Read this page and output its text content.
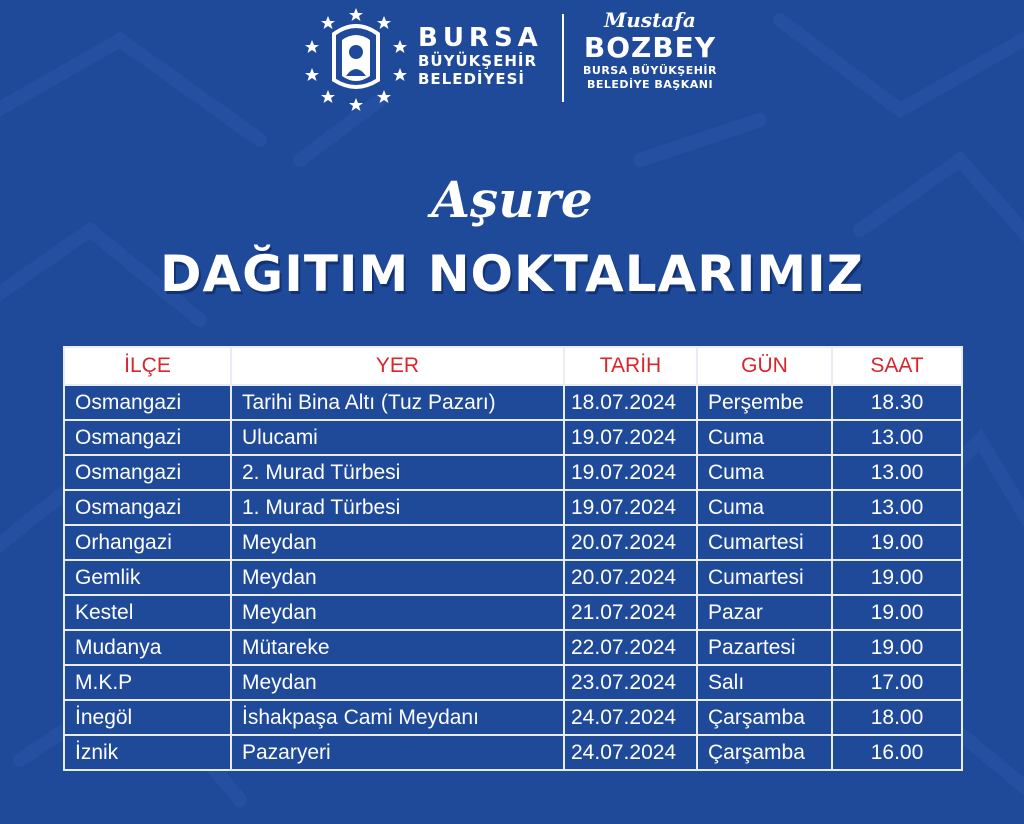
BURSA
BÜYÜKŞEHİR
BELEDİYESİ
Mustafa
BOZBEY
BURSA BÜYÜKŞEHİR
BELEDİYE BAŞKANI
Aşure
DAĞITIM NOKTALARIMIZ
İLÇE	YER	TARİH	GÜN	SAAT
Osmangazi	Tarihi Bina Altı (Tuz Pazarı)	18.07.2024	Perşembe	18.30
Osmangazi	Ulucami	19.07.2024	Cuma	13.00
Osmangazi	2. Murad Türbesi	19.07.2024	Cuma	13.00
Osmangazi	1. Murad Türbesi	19.07.2024	Cuma	13.00
Orhangazi	Meydan	20.07.2024	Cumartesi	19.00
Gemlik	Meydan	20.07.2024	Cumartesi	19.00
Kestel	Meydan	21.07.2024	Pazar	19.00
Mudanya	Mütareke	22.07.2024	Pazartesi	19.00
M.K.P	Meydan	23.07.2024	Salı	17.00
İnegöl	İshakpaşa Cami Meydanı	24.07.2024	Çarşamba	18.00
İznik	Pazaryeri	24.07.2024	Çarşamba	16.00
